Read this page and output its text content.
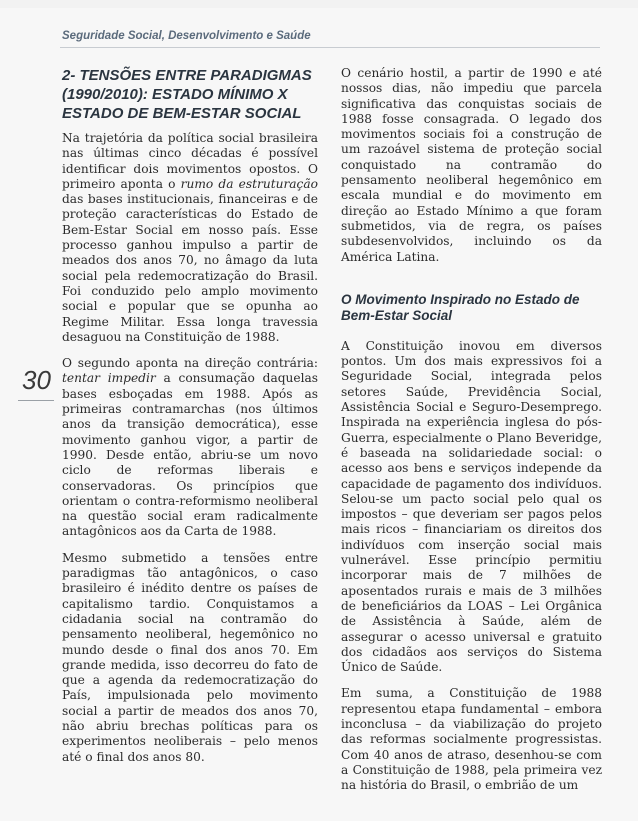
Seguridade Social, Desenvolvimento e Saúde
30
2- TENSÕES ENTRE PARADIGMAS (1990/2010): ESTADO MÍNIMO X ESTADO DE BEM-ESTAR SOCIAL

Na trajetória da política social brasileira nas últimas cinco décadas é possível identificar dois movimentos opostos. O primeiro aponta o rumo da estruturação das bases institucionais, financeiras e de proteção características do Estado de Bem-Estar Social em nosso país. Esse processo ganhou impulso a partir de meados dos anos 70, no âmago da luta social pela redemocratização do Brasil. Foi conduzido pelo amplo movimento social e popular que se opunha ao Regime Militar. Essa longa travessia desaguou na Constituição de 1988.

O segundo aponta na direção contrária: tentar impedir a consumação daquelas bases esboçadas em 1988. Após as primeiras contramarchas (nos últimos anos da transição democrática), esse movimento ganhou vigor, a partir de 1990. Desde então, abriu-se um novo ciclo de reformas liberais e conservadoras. Os princípios que orientam o contra-reformismo neoliberal na questão social eram radicalmente antagônicos aos da Carta de 1988.

Mesmo submetido a tensões entre paradigmas tão antagônicos, o caso brasileiro é inédito dentre os países de capitalismo tardio. Conquistamos a cidadania social na contramão do pensamento neoliberal, hegemônico no mundo desde o final dos anos 70. Em grande medida, isso decorreu do fato de que a agenda da redemocratização do País, impulsionada pelo movimento social a partir de meados dos anos 70, não abriu brechas políticas para os experimentos neoliberais – pelo menos até o final dos anos 80.

O cenário hostil, a partir de 1990 e até nossos dias, não impediu que parcela significativa das conquistas sociais de 1988 fosse consagrada. O legado dos movimentos sociais foi a construção de um razoável sistema de proteção social conquistado na contramão do pensamento neoliberal hegemônico em escala mundial e do movimento em direção ao Estado Mínimo a que foram submetidos, via de regra, os países subdesenvolvidos, incluindo os da América Latina.

O Movimento Inspirado no Estado de Bem-Estar Social

A Constituição inovou em diversos pontos. Um dos mais expressivos foi a Seguridade Social, integrada pelos setores Saúde, Previdência Social, Assistência Social e Seguro-Desemprego. Inspirada na experiência inglesa do pós-Guerra, especialmente o Plano Beveridge, é baseada na solidariedade social: o acesso aos bens e serviços independe da capacidade de pagamento dos indivíduos. Selou-se um pacto social pelo qual os impostos – que deveriam ser pagos pelos mais ricos – financiariam os direitos dos indivíduos com inserção social mais vulnerável. Esse princípio permitiu incorporar mais de 7 milhões de aposentados rurais e mais de 3 milhões de beneficiários da LOAS – Lei Orgânica de Assistência à Saúde, além de assegurar o acesso universal e gratuito dos cidadãos aos serviços do Sistema Único de Saúde.

Em suma, a Constituição de 1988 representou etapa fundamental – embora inconclusa – da viabilização do projeto das reformas socialmente progressistas. Com 40 anos de atraso, desenhou-se com a Constituição de 1988, pela primeira vez na história do Brasil, o embrião de um
